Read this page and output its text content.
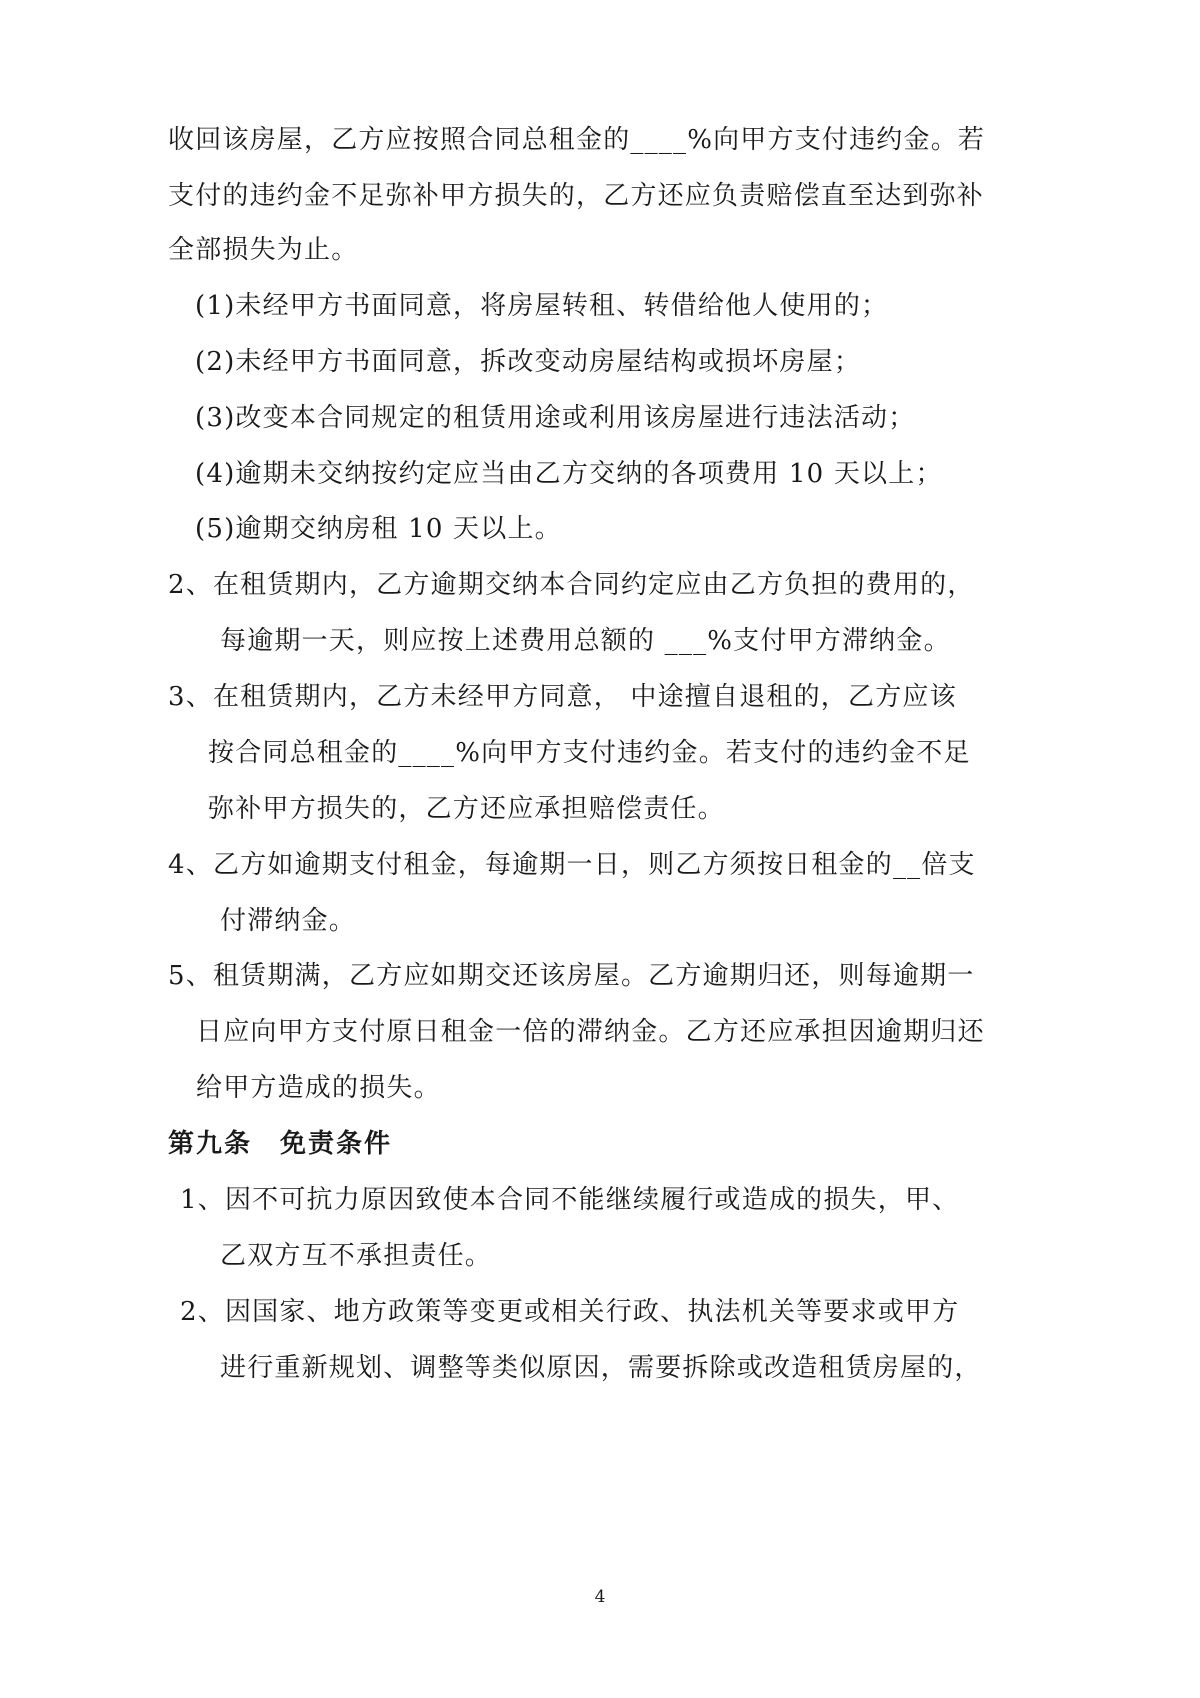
收回该房屋，乙方应按照合同总租金的____%向甲方支付违约金。若
支付的违约金不足弥补甲方损失的，乙方还应负责赔偿直至达到弥补
全部损失为止。
(1)未经甲方书面同意，将房屋转租、转借给他人使用的；
(2)未经甲方书面同意，拆改变动房屋结构或损坏房屋；
(3)改变本合同规定的租赁用途或利用该房屋进行违法活动；
(4)逾期未交纳按约定应当由乙方交纳的各项费用 10 天以上；
(5)逾期交纳房租 10 天以上。
2、在租赁期内，乙方逾期交纳本合同约定应由乙方负担的费用的，
每逾期一天，则应按上述费用总额的 ___%支付甲方滞纳金。
3、在租赁期内，乙方未经甲方同意， 中途擅自退租的，乙方应该
按合同总租金的____%向甲方支付违约金。若支付的违约金不足
弥补甲方损失的，乙方还应承担赔偿责任。
4、乙方如逾期支付租金，每逾期一日，则乙方须按日租金的__倍支
付滞纳金。
5、租赁期满，乙方应如期交还该房屋。乙方逾期归还，则每逾期一
日应向甲方支付原日租金一倍的滞纳金。乙方还应承担因逾期归还
给甲方造成的损失。
第九条　免责条件
1、因不可抗力原因致使本合同不能继续履行或造成的损失，甲、
乙双方互不承担责任。
2、因国家、地方政策等变更或相关行政、执法机关等要求或甲方
进行重新规划、调整等类似原因，需要拆除或改造租赁房屋的，
4
